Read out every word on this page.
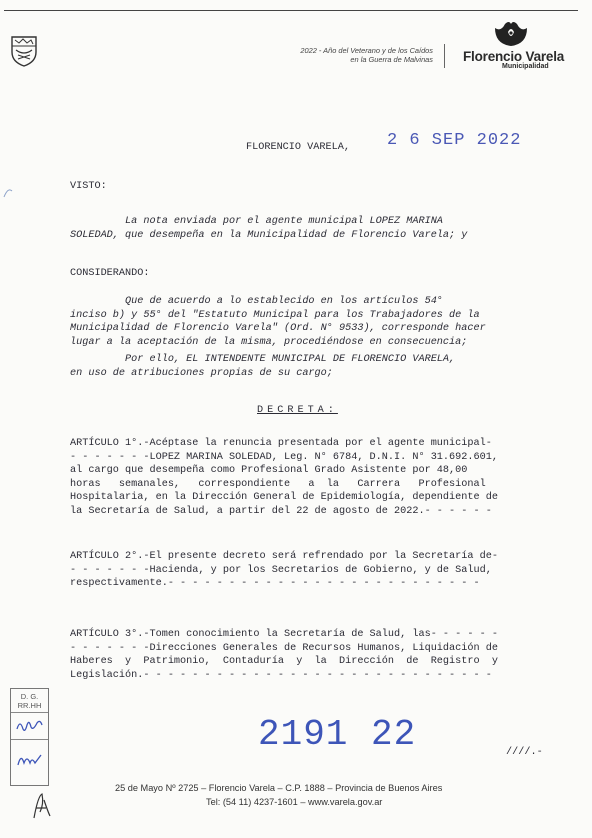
2022 - Año del Veterano y de los Caídos
en la Guerra de Malvinas Florencio Varela
Municipalidad
FLORENCIO VARELA, 2 6 SEP 2022
VISTO:
La nota enviada por el agente municipal LOPEZ MARINA
SOLEDAD, que desempeña en la Municipalidad de Florencio Varela; y
CONSIDERANDO:
Que de acuerdo a lo establecido en los artículos 54°
inciso b) y 55° del "Estatuto Municipal para los Trabajadores de la
Municipalidad de Florencio Varela" (Ord. N° 9533), corresponde hacer
lugar a la aceptación de la misma, procediéndose en consecuencia;
Por ello, EL INTENDENTE MUNICIPAL DE FLORENCIO VARELA,
en uso de atribuciones propias de su cargo;
DECRETA:
ARTÍCULO 1°.-Acéptase la renuncia presentada por el agente municipal-
- - - - - - -LOPEZ MARINA SOLEDAD, Leg. N° 6784, D.N.I. N° 31.692.601,
al cargo que desempeña como Profesional Grado Asistente por 48,00
horas   semanales,   correspondiente   a  la   Carrera   Profesional
Hospitalaria, en la Dirección General de Epidemiología, dependiente de
la Secretaría de Salud, a partir del 22 de agosto de 2022.- - - - - -
ARTÍCULO 2°.-El presente decreto será refrendado por la Secretaría de-
- - - - - - -Hacienda, y por los Secretarios de Gobierno, y de Salud,
respectivamente.- - - - - - - - - - - - - - - - - - - - - - - - - -
ARTÍCULO 3°.-Tomen conocimiento la Secretaría de Salud, las- - - - - -
- - - - - - -Direcciones Generales de Recursos Humanos, Liquidación de
Haberes  y  Patrimonio,  Contaduría  y  la  Dirección  de  Registro  y
Legislación.- - - - - - - - - - - - - - - - - - - - - - - - - - - - -
2191 22	////.-
D. G.
RR.HH
25 de Mayo Nº 2725 – Florencio Varela – C.P. 1888 – Provincia de Buenos Aires
Tel: (54 11) 4237-1601 – www.varela.gov.ar
